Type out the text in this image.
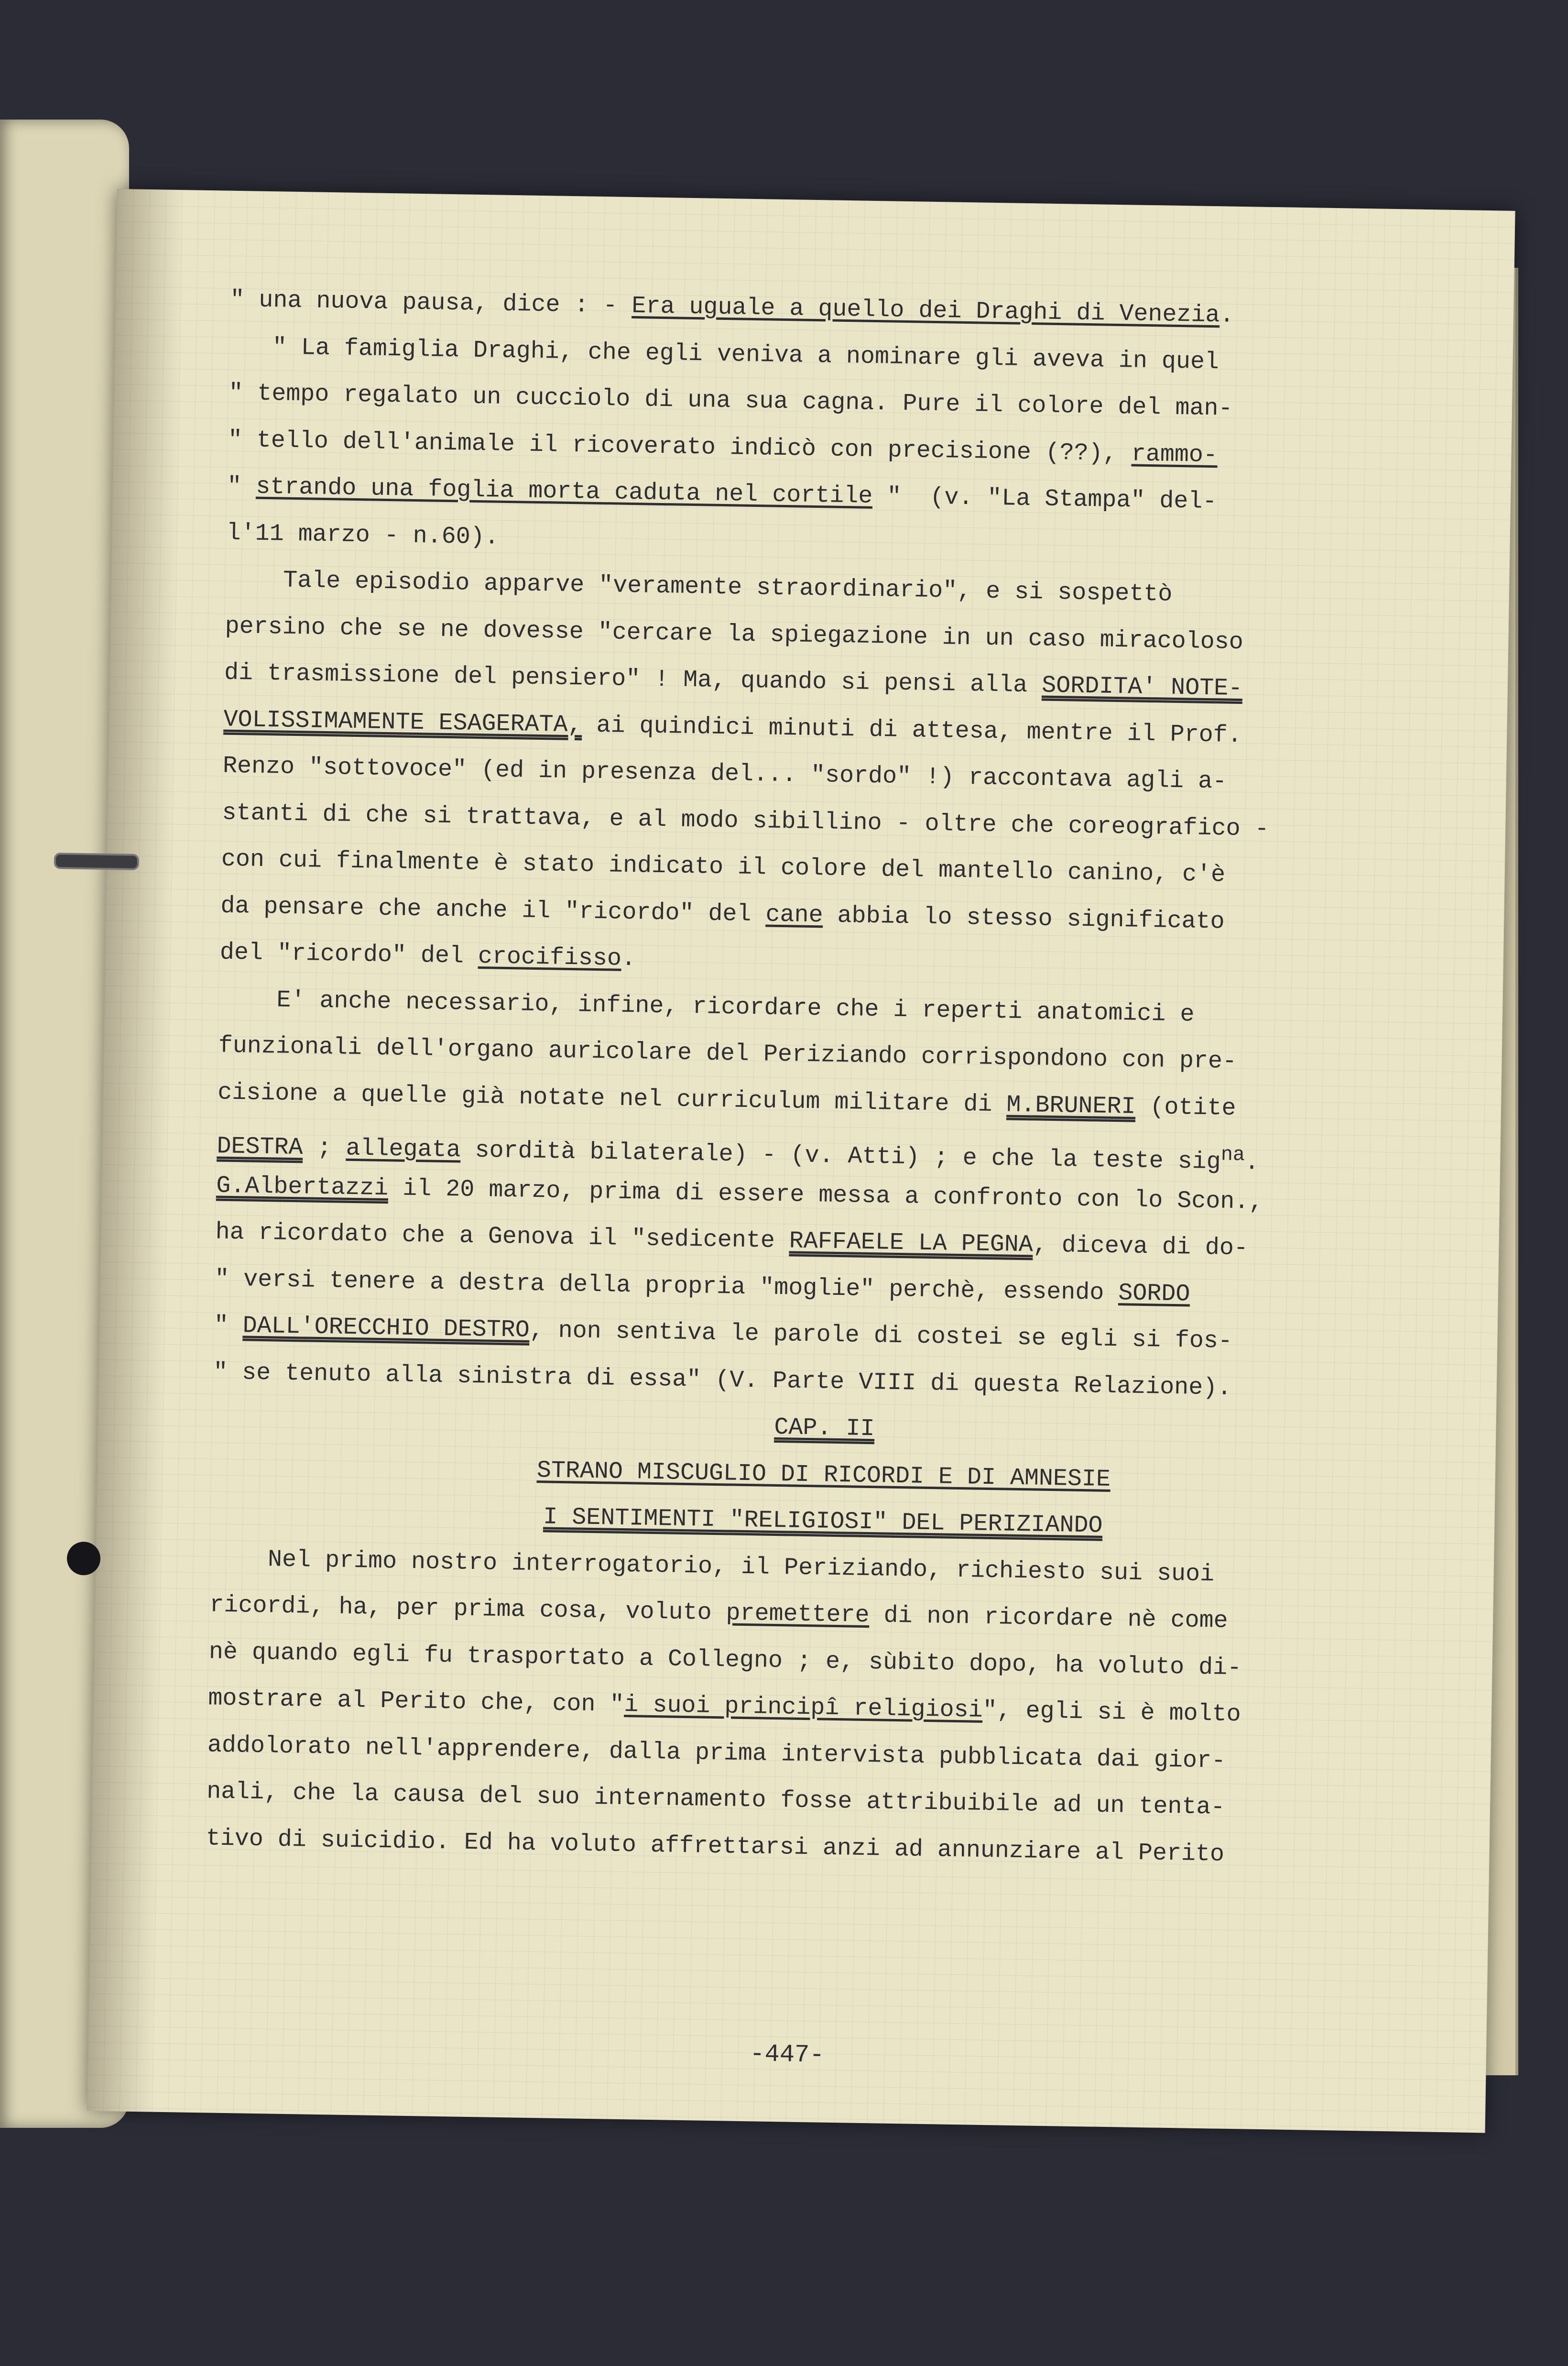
" una nuova pausa, dice : - Era uguale a quello dei Draghi di Venezia.
" La famiglia Draghi, che egli veniva a nominare gli aveva in quel
" tempo regalato un cucciolo di una sua cagna. Pure il colore del man-
" tello dell'animale il ricoverato indicò con precisione (??), rammo-
" strando una foglia morta caduta nel cortile "  (v. "La Stampa" del-
l'11 marzo - n.60).
Tale episodio apparve "veramente straordinario", e si sospettò
persino che se ne dovesse "cercare la spiegazione in un caso miracoloso
di trasmissione del pensiero" ! Ma, quando si pensi alla SORDITA' NOTE-
VOLISSIMAMENTE ESAGERATA, ai quindici minuti di attesa, mentre il Prof.
Renzo "sottovoce" (ed in presenza del... "sordo" !) raccontava agli a-
stanti di che si trattava, e al modo sibillino - oltre che coreografico -
con cui finalmente è stato indicato il colore del mantello canino, c'è
da pensare che anche il "ricordo" del cane abbia lo stesso significato
del "ricordo" del crocifisso.
E' anche necessario, infine, ricordare che i reperti anatomici e
funzionali dell'organo auricolare del Periziando corrispondono con pre-
cisione a quelle già notate nel curriculum militare di M.BRUNERI (otite
DESTRA ; allegata sordità bilaterale) - (v. Atti) ; e che la teste sig$^{na}$.
G.Albertazzi il 20 marzo, prima di essere messa a confronto con lo Scon.,
ha ricordato che a Genova il "sedicente RAFFAELE LA PEGNA, diceva di do-
" versi tenere a destra della propria "moglie" perchè, essendo SORDO
" DALL'ORECCHIO DESTRO, non sentiva le parole di costei se egli si fos-
" se tenuto alla sinistra di essa" (V. Parte VIII di questa Relazione).
CAP. II
STRANO MISCUGLIO DI RICORDI E DI AMNESIE
I SENTIMENTI "RELIGIOSI" DEL PERIZIANDO
Nel primo nostro interrogatorio, il Periziando, richiesto sui suoi
ricordi, ha, per prima cosa, voluto premettere di non ricordare nè come
nè quando egli fu trasportato a Collegno ; e, sùbito dopo, ha voluto di-
mostrare al Perito che, con "i suoi principî religiosi", egli si è molto
addolorato nell'apprendere, dalla prima intervista pubblicata dai gior-
nali, che la causa del suo internamento fosse attribuibile ad un tenta-
tivo di suicidio. Ed ha voluto affrettarsi anzi ad annunziare al Perito
-447-
